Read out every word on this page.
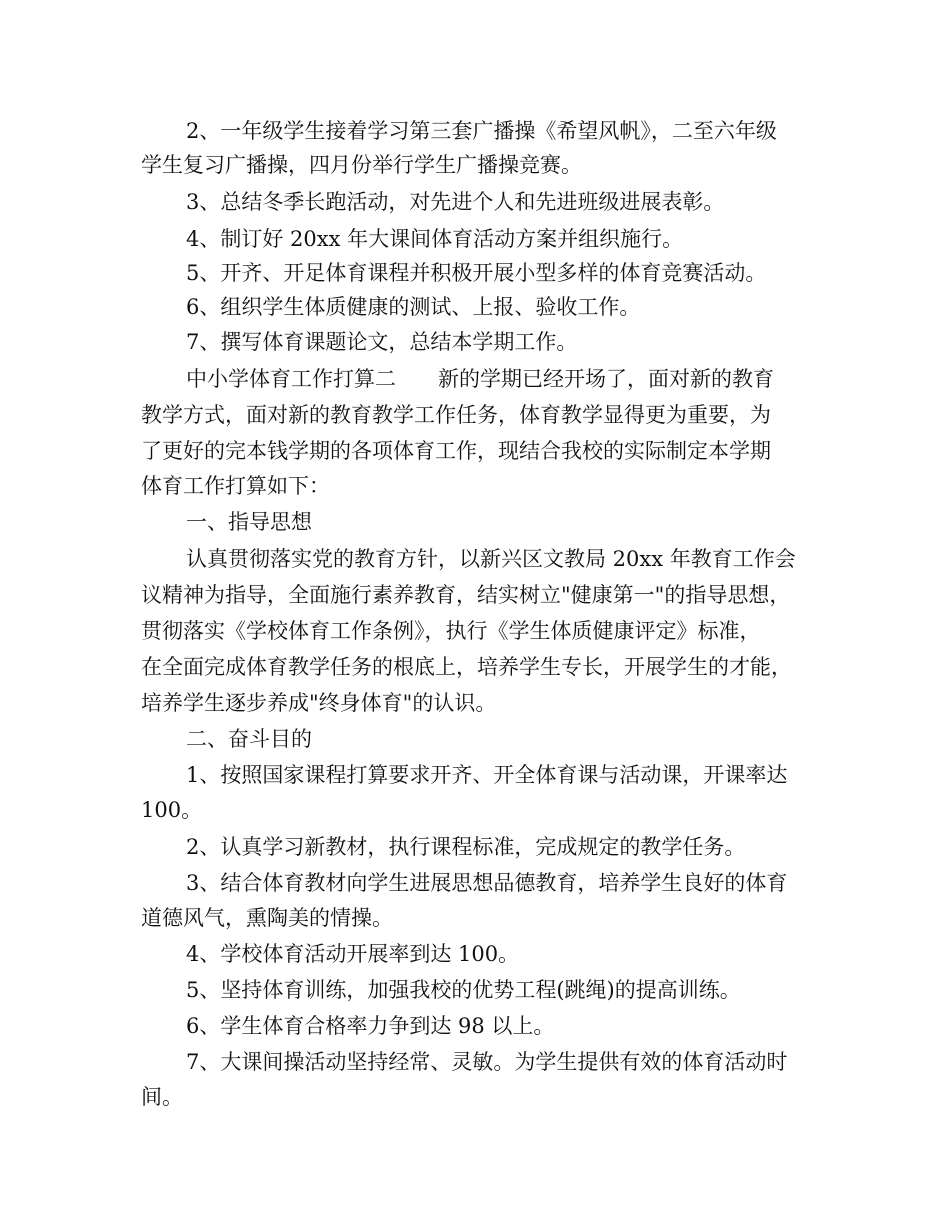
2、一年级学生接着学习第三套广播操《希望风帆》，二至六年级
学生复习广播操，四月份举行学生广播操竞赛。
3、总结冬季长跑活动，对先进个人和先进班级进展表彰。
4、制订好 20xx 年大课间体育活动方案并组织施行。
5、开齐、开足体育课程并积极开展小型多样的体育竞赛活动。
6、组织学生体质健康的测试、上报、验收工作。
7、撰写体育课题论文，总结本学期工作。
中小学体育工作打算二　　新的学期已经开场了，面对新的教育
教学方式，面对新的教育教学工作任务，体育教学显得更为重要，为
了更好的完本钱学期的各项体育工作，现结合我校的实际制定本学期
体育工作打算如下：
一、指导思想
认真贯彻落实党的教育方针，以新兴区文教局 20xx 年教育工作会
议精神为指导，全面施行素养教育，结实树立"健康第一"的指导思想，
贯彻落实《学校体育工作条例》，执行《学生体质健康评定》标准，
在全面完成体育教学任务的根底上，培养学生专长，开展学生的才能，
培养学生逐步养成"终身体育"的认识。
二、奋斗目的
1、按照国家课程打算要求开齐、开全体育课与活动课，开课率达
100。
2、认真学习新教材，执行课程标准，完成规定的教学任务。
3、结合体育教材向学生进展思想品德教育，培养学生良好的体育
道德风气，熏陶美的情操。
4、学校体育活动开展率到达 100。
5、坚持体育训练，加强我校的优势工程(跳绳)的提高训练。
6、学生体育合格率力争到达 98 以上。
7、大课间操活动坚持经常、灵敏。为学生提供有效的体育活动时
间。
